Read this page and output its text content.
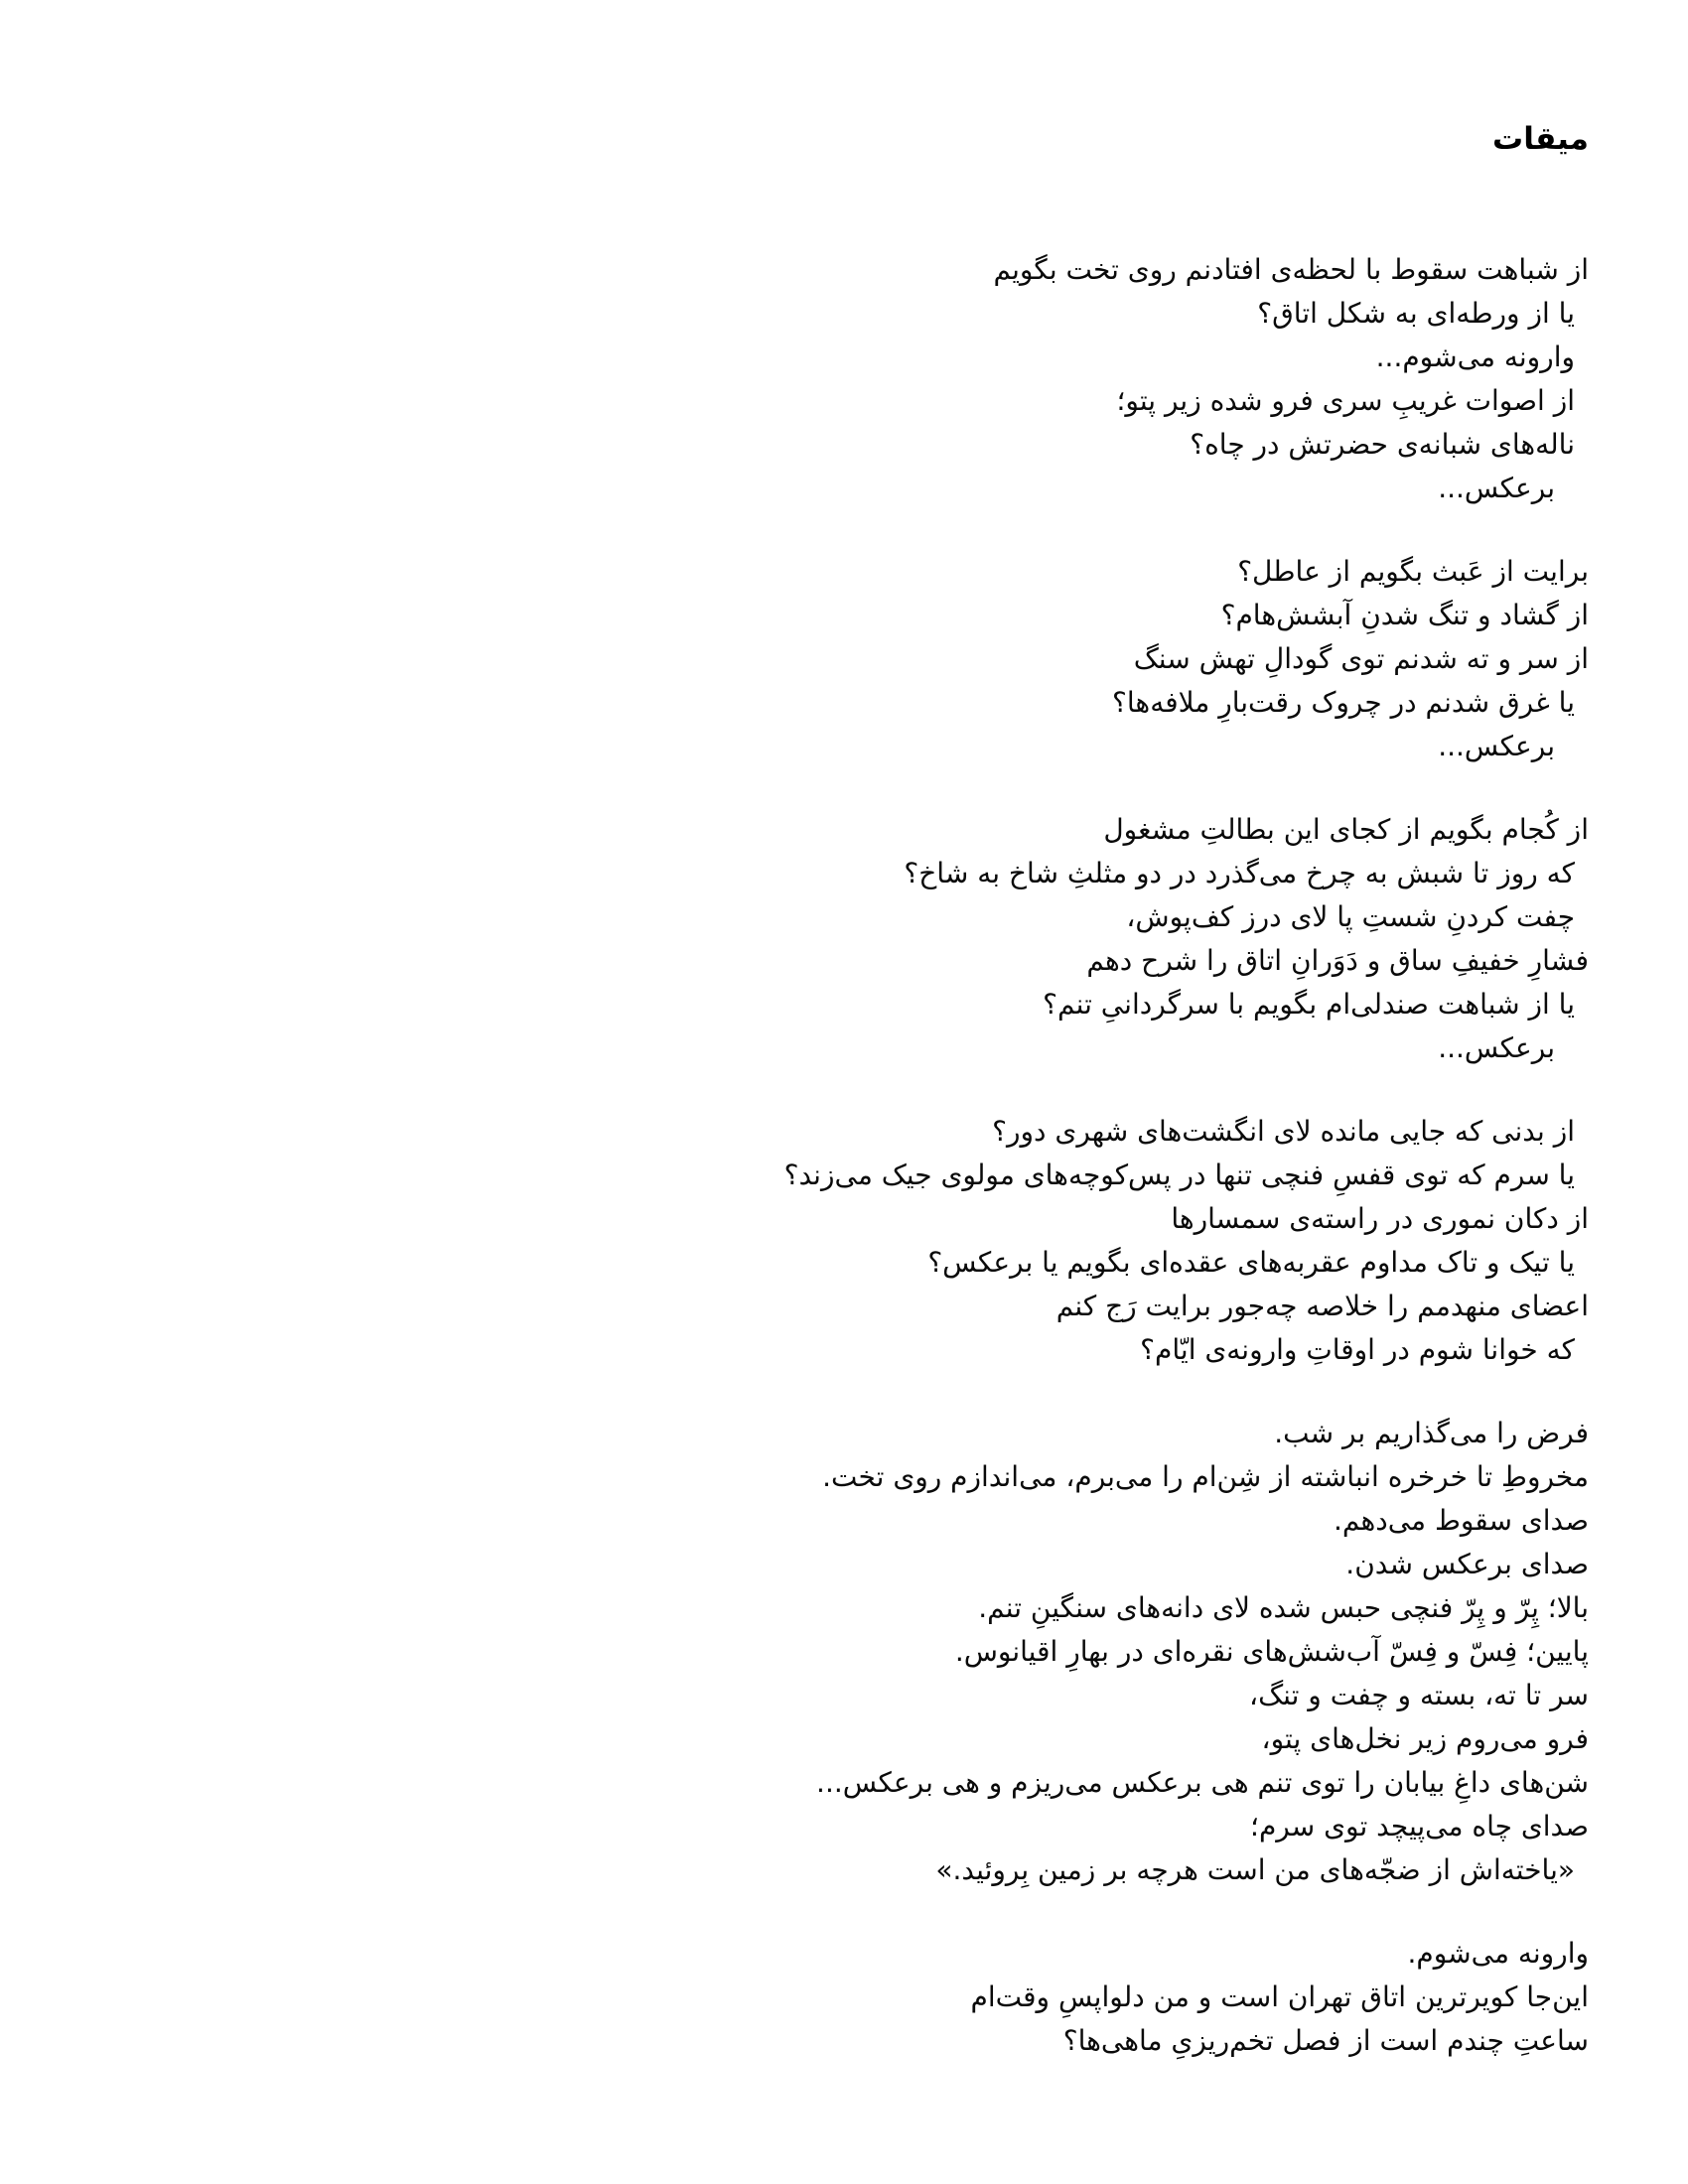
میقات
از شباهت سقوط با لحظه‌ی افتادنم روی تخت بگویم
یا از ورطه‌ای به شکل اتاق؟
وارونه می‌شوم...
از اصوات غریبِ سری فرو شده زیر پتو؛
ناله‌های شبانه‌ی حضرتش در چاه؟
برعکس...
برایت از عَبث بگویم از عاطل؟
از گشاد و تنگ شدنِ آبشش‌هام؟
از سر و ته شدنم توی گودالِ تهش سنگ
یا غرق شدنم در چروک رقت‌بارِ ملافه‌ها؟
برعکس...
از کُجام بگویم از کجای این بطالتِ مشغول
که روز تا شبش به چرخ می‌گذرد در دو مثلثِ شاخ به شاخ؟
چفت کردنِ شستِ پا لای درز کف‌پوش،
فشارِ خفیفِ ساق و دَوَرانِ اتاق را شرح دهم
یا از شباهت صندلی‌ام بگویم با سرگردانیِ تنم؟
برعکس...
از بدنی که جایی مانده لای انگشت‌های شهری دور؟
یا سرم که توی قفسِ فنچی تنها در پس‌کوچه‌های مولوی جیک می‌زند؟
از دکان نموری در راسته‌ی سمسارها
یا تیک و تاک مداوم عقربه‌های عقده‌ای بگویم یا برعکس؟
اعضای منهدمم را خلاصه چه‌جور برایت رَج کنم
که خوانا شوم در اوقاتِ وارونه‌ی ایّام؟
فرض را می‌گذاریم بر شب.
مخروطِ تا خرخره انباشته از شِن‌ام را می‌برم، می‌اندازم روی تخت.
صدای سقوط می‌دهم.
صدای برعکس شدن.
بالا؛ پِرّ و پِرّ فنچی حبس شده لای دانه‌های سنگینِ تنم.
پایین؛ فِسّ و فِسّ آب‌شش‌های نقره‌ای در بهارِ اقیانوس.
سر تا ته، بسته و چفت و تنگ،
فرو می‌روم زیر نخل‌های پتو،
شن‌های داغِ بیابان را توی تنم هی برعکس می‌ریزم و هی برعکس...
صدای چاه می‌پیچد توی سرم؛
«یاخته‌اش از ضجّه‌های من است هرچه بر زمین بِروئید.»
وارونه می‌شوم.
این‌جا کویرترین اتاق تهران است و من دلواپسِ وقت‌ام
ساعتِ چندم است از فصل تخم‌ریزیِ ماهی‌ها؟
